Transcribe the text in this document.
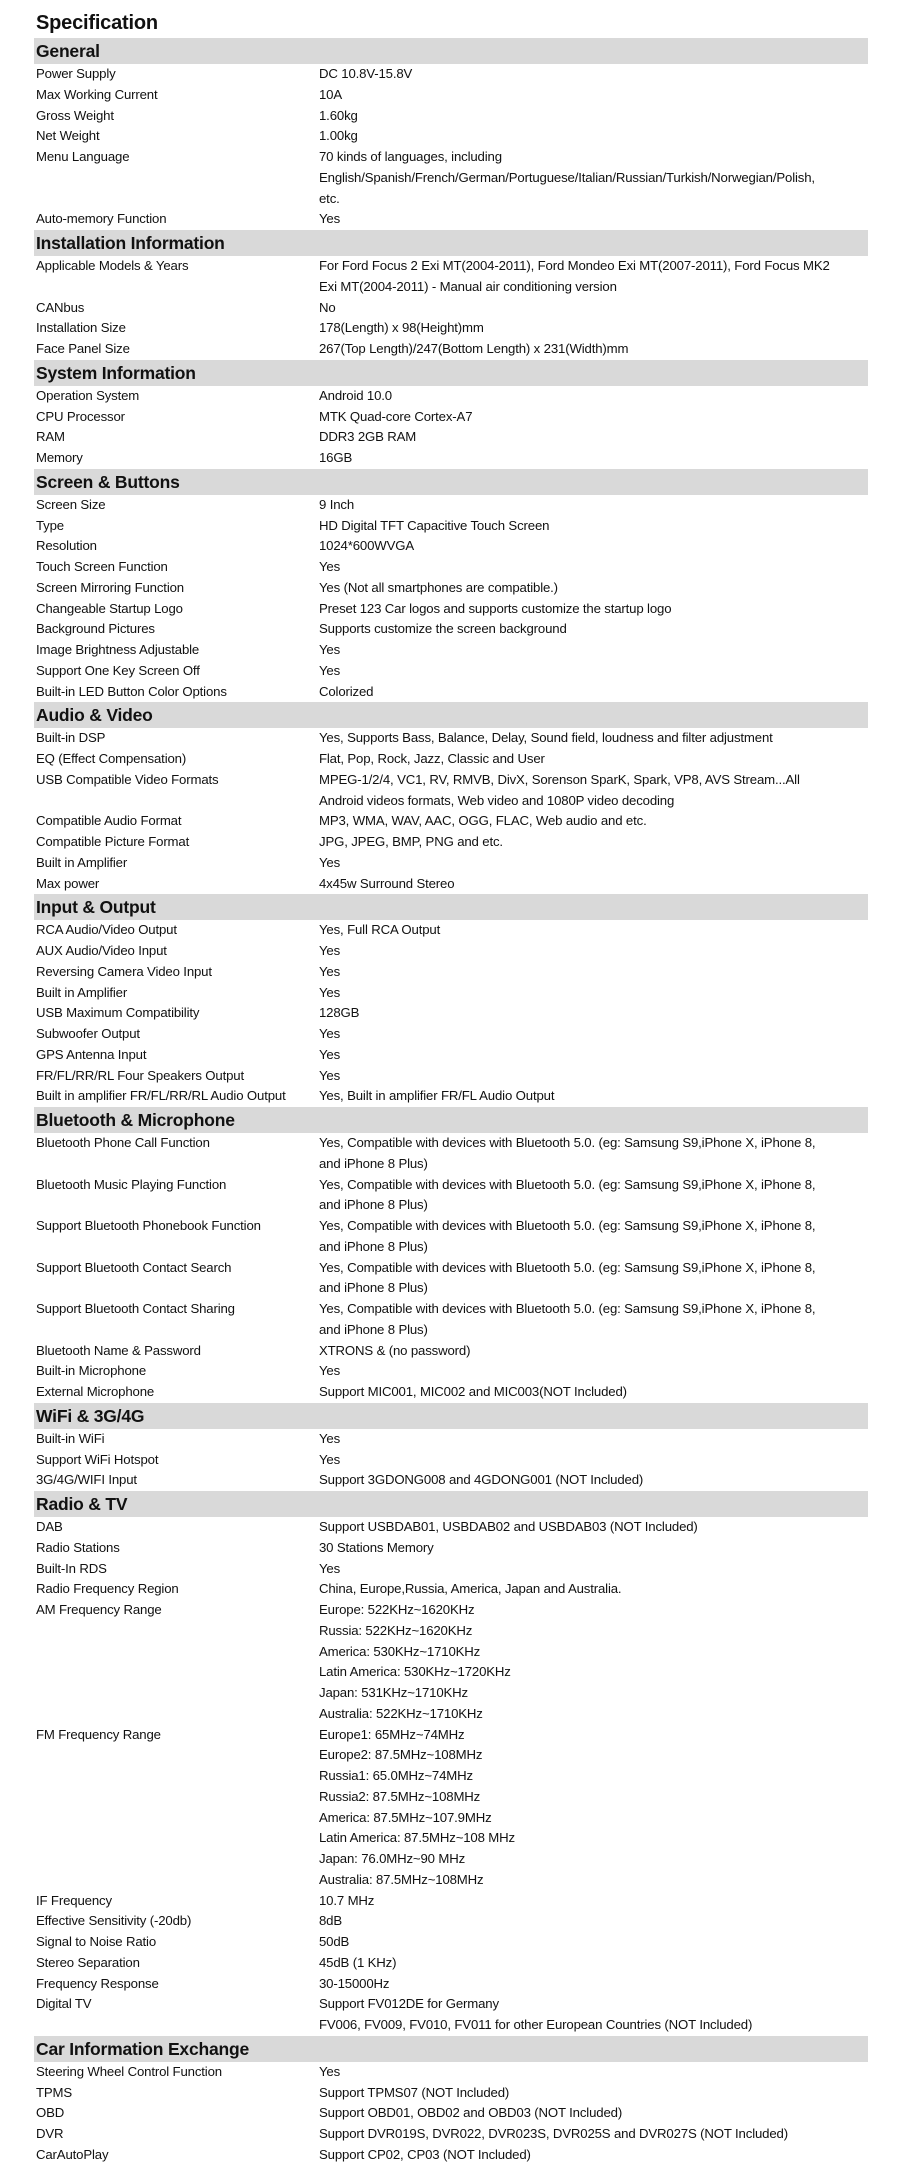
Specification
General
Power Supply	DC 10.8V-15.8V
Max Working Current	10A
Gross Weight	1.60kg
Net Weight	1.00kg
Menu Language	70 kinds of languages, including
English/Spanish/French/German/Portuguese/Italian/Russian/Turkish/Norwegian/Polish,
etc.
Auto-memory Function	Yes
Installation Information
Applicable Models & Years	For Ford Focus 2 Exi MT(2004-2011), Ford Mondeo Exi MT(2007-2011), Ford Focus MK2
Exi MT(2004-2011) - Manual air conditioning version
CANbus	No
Installation Size	178(Length) x 98(Height)mm
Face Panel Size	267(Top Length)/247(Bottom Length) x 231(Width)mm
System Information
Operation System	Android 10.0
CPU Processor	MTK Quad-core Cortex-A7
RAM	DDR3 2GB RAM
Memory	16GB
Screen & Buttons
Screen Size	9 Inch
Type	HD Digital TFT Capacitive Touch Screen
Resolution	1024*600WVGA
Touch Screen Function	Yes
Screen Mirroring Function	Yes (Not all smartphones are compatible.)
Changeable Startup Logo	Preset 123 Car logos and supports customize the startup logo
Background Pictures	Supports customize the screen background
Image Brightness Adjustable	Yes
Support One Key Screen Off	Yes
Built-in LED Button Color Options	Colorized
Audio & Video
Built-in DSP	Yes, Supports Bass, Balance, Delay, Sound field, loudness and filter adjustment
EQ (Effect Compensation)	Flat, Pop, Rock, Jazz, Classic and User
USB Compatible Video Formats	MPEG-1/2/4, VC1, RV, RMVB, DivX, Sorenson SparK, Spark, VP8, AVS Stream...All
Android videos formats, Web video and 1080P video decoding
Compatible Audio Format	MP3, WMA, WAV, AAC, OGG, FLAC, Web audio and etc.
Compatible Picture Format	JPG, JPEG, BMP, PNG and etc.
Built in Amplifier	Yes
Max power	4x45w Surround Stereo
Input & Output
RCA Audio/Video Output	Yes, Full RCA Output
AUX Audio/Video Input	Yes
Reversing Camera Video Input	Yes
Built in Amplifier	Yes
USB Maximum Compatibility	128GB
Subwoofer Output	Yes
GPS Antenna Input	Yes
FR/FL/RR/RL Four Speakers Output	Yes
Built in amplifier FR/FL/RR/RL Audio Output	Yes, Built in amplifier FR/FL Audio Output
Bluetooth & Microphone
Bluetooth Phone Call Function	Yes, Compatible with devices with Bluetooth 5.0. (eg: Samsung S9,iPhone X, iPhone 8,
and iPhone 8 Plus)
Bluetooth Music Playing Function	Yes, Compatible with devices with Bluetooth 5.0. (eg: Samsung S9,iPhone X, iPhone 8,
and iPhone 8 Plus)
Support Bluetooth Phonebook Function	Yes, Compatible with devices with Bluetooth 5.0. (eg: Samsung S9,iPhone X, iPhone 8,
and iPhone 8 Plus)
Support Bluetooth Contact Search	Yes, Compatible with devices with Bluetooth 5.0. (eg: Samsung S9,iPhone X, iPhone 8,
and iPhone 8 Plus)
Support Bluetooth Contact Sharing	Yes, Compatible with devices with Bluetooth 5.0. (eg: Samsung S9,iPhone X, iPhone 8,
and iPhone 8 Plus)
Bluetooth Name & Password	XTRONS & (no password)
Built-in Microphone	Yes
External Microphone	Support MIC001, MIC002 and MIC003(NOT Included)
WiFi & 3G/4G
Built-in WiFi	Yes
Support WiFi Hotspot	Yes
3G/4G/WIFI Input	Support 3GDONG008 and 4GDONG001 (NOT Included)
Radio & TV
DAB	Support USBDAB01, USBDAB02 and USBDAB03 (NOT Included)
Radio Stations	30 Stations Memory
Built-In RDS	Yes
Radio Frequency Region	China, Europe,Russia, America, Japan and Australia.
AM Frequency Range	Europe: 522KHz~1620KHz
Russia: 522KHz~1620KHz
America: 530KHz~1710KHz
Latin America: 530KHz~1720KHz
Japan: 531KHz~1710KHz
Australia: 522KHz~1710KHz
FM Frequency Range	Europe1: 65MHz~74MHz
Europe2: 87.5MHz~108MHz
Russia1: 65.0MHz~74MHz
Russia2: 87.5MHz~108MHz
America: 87.5MHz~107.9MHz
Latin America: 87.5MHz~108 MHz
Japan: 76.0MHz~90 MHz
Australia: 87.5MHz~108MHz
IF Frequency	10.7 MHz
Effective Sensitivity (-20db)	8dB
Signal to Noise Ratio	50dB
Stereo Separation	45dB (1 KHz)
Frequency Response	30-15000Hz
Digital TV	Support FV012DE for Germany
FV006, FV009, FV010, FV011 for other European Countries (NOT Included)
Car Information Exchange
Steering Wheel Control Function	Yes
TPMS	Support TPMS07 (NOT Included)
OBD	Support OBD01, OBD02 and OBD03 (NOT Included)
DVR	Support DVR019S, DVR022, DVR023S, DVR025S and DVR027S (NOT Included)
CarAutoPlay	Support CP02, CP03 (NOT Included)
